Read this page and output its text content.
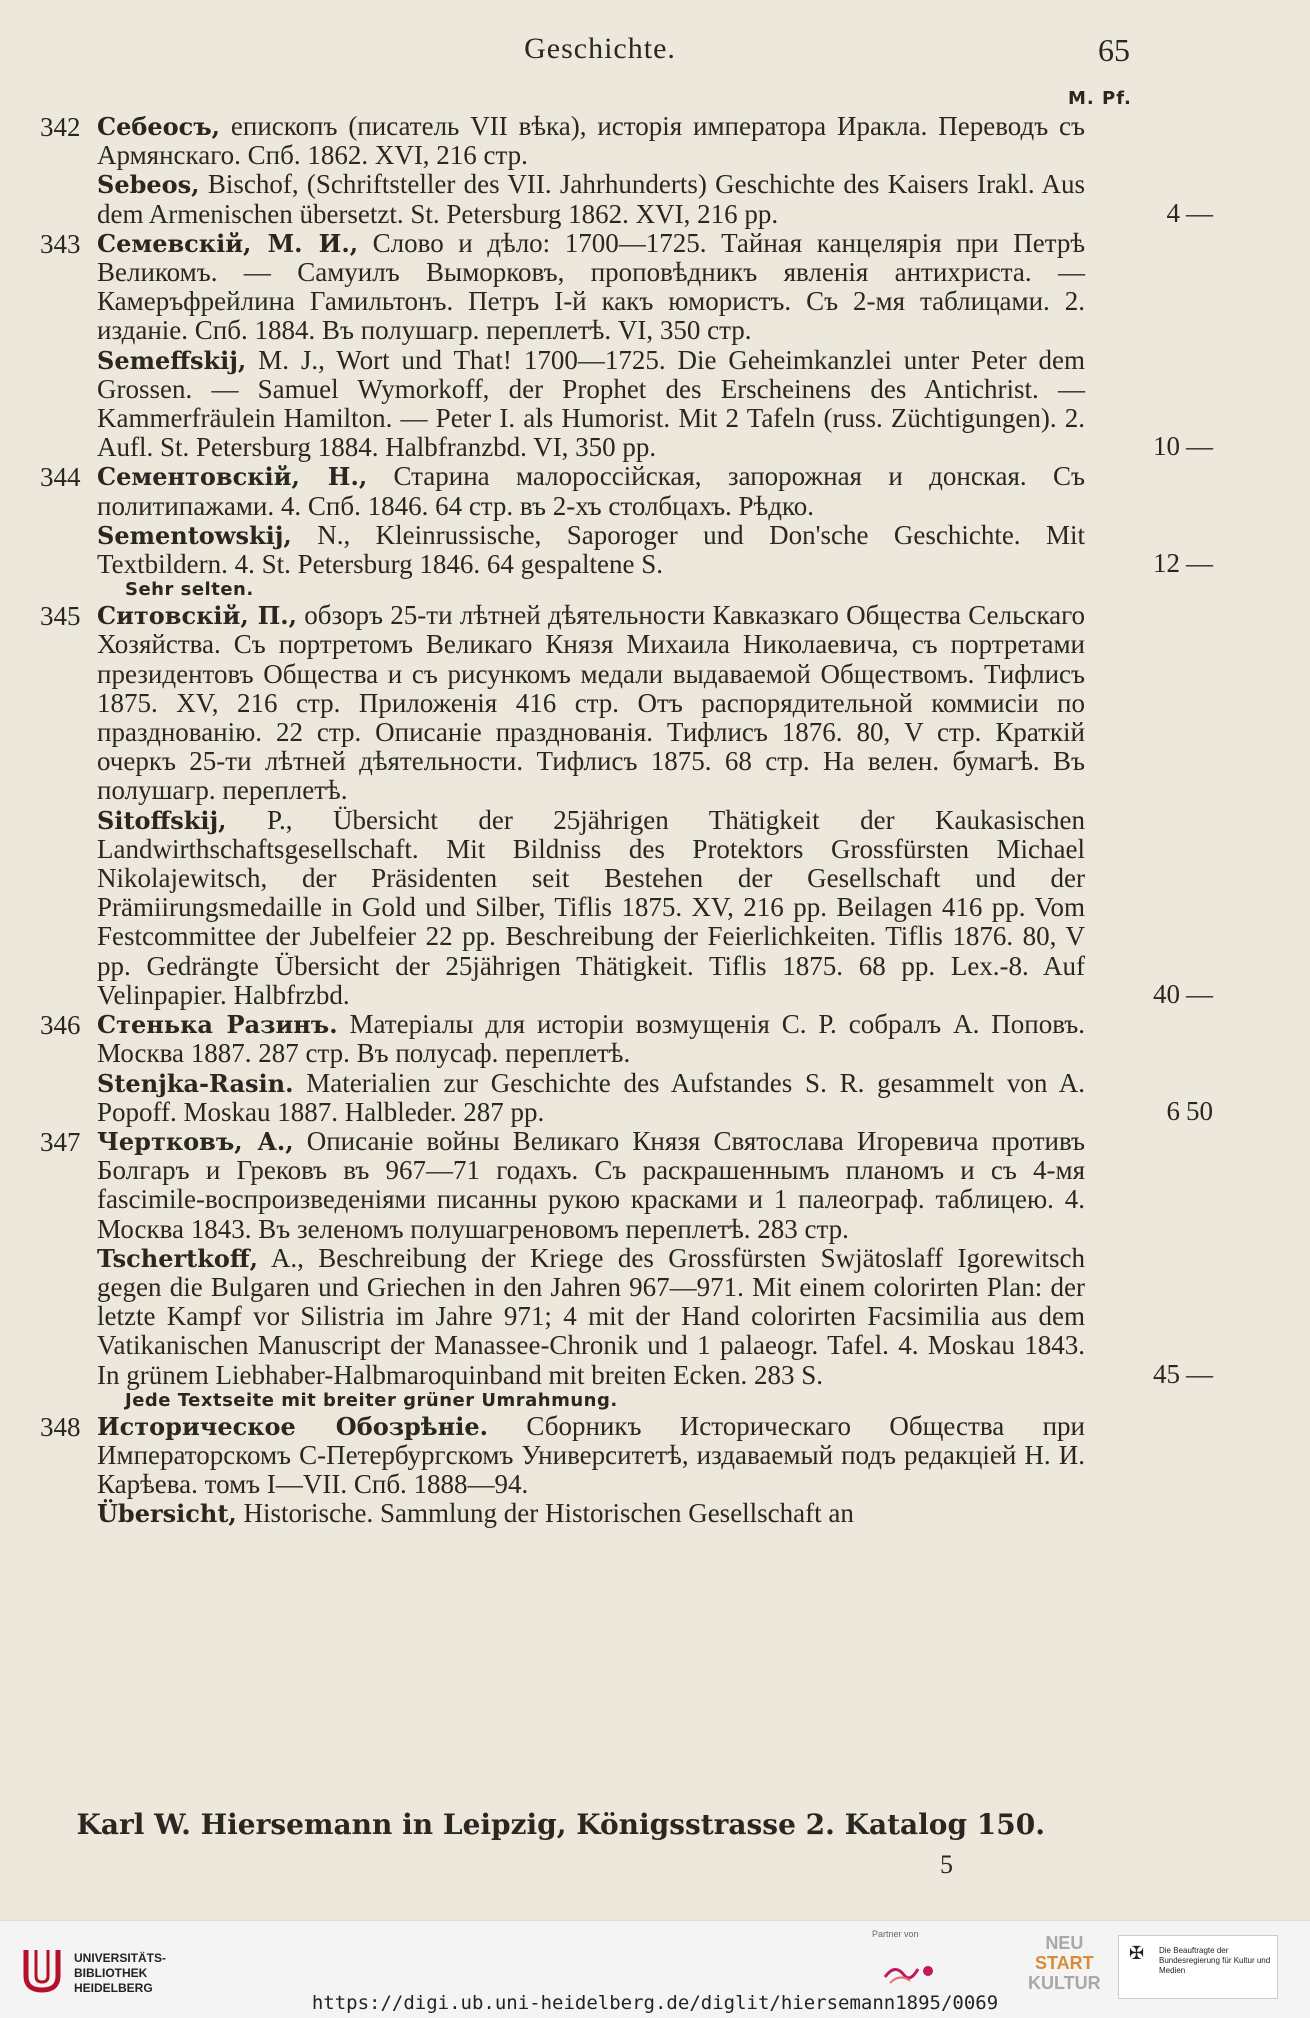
Geschichte.	65
M. Pf.
342 Себеосъ, епископъ (писатель VII вѣка), исторія императора Иракла. Переводъ съ Армянскаго. Спб. 1862. XVI, 216 стр.
Sebeos, Bischof, (Schriftsteller des VII. Jahrhunderts) Geschichte des Kaisers Irakl. Aus dem Armenischen übersetzt. St. Petersburg 1862. XVI, 216 pp.	4 —
343 Семевскій, М. И., Слово и дѣло: 1700—1725. Тайная канцелярія при Петрѣ Великомъ. — Самуилъ Выморковъ, проповѣдникъ явленія антихриста. — Камеръфрейлина Гамильтонъ. Петръ І-й какъ юмористъ. Съ 2-мя таблицами. 2. изданіе. Спб. 1884. Въ полушагр. переплетѣ. VI, 350 стр.
Semeffskij, M. J., Wort und That! 1700—1725. Die Geheimkanzlei unter Peter dem Grossen. — Samuel Wymorkoff, der Prophet des Erscheinens des Antichrist. — Kammerfräulein Hamilton. — Peter I. als Humorist. Mit 2 Tafeln (russ. Züchtigungen). 2. Aufl. St. Petersburg 1884. Halbfranzbd. VI, 350 pp.	10 —
344 Сементовскій, Н., Старина малороссійская, запорожная и донская. Съ политипажами. 4. Спб. 1846. 64 стр. въ 2-хъ столбцахъ. Рѣдко.
Sementowskij, N., Kleinrussische, Saporoger und Don'sche Geschichte. Mit Textbildern. 4. St. Petersburg 1846. 64 gespaltene S.	12 —
Sehr selten.
345 Ситовскій, П., обзоръ 25-ти лѣтней дѣятельности Кавказкаго Общества Сельскаго Хозяйства. Съ портретомъ Великаго Князя Михаила Николаевича, съ портретами президентовъ Общества и съ рисункомъ медали выдаваемой Обществомъ. Тифлисъ 1875. XV, 216 стр. Приложенія 416 стр. Отъ распорядительной коммисіи по празднованію. 22 стр. Описаніе празднованія. Тифлисъ 1876. 80, V стр. Краткій очеркъ 25-ти лѣтней дѣятельности. Тифлисъ 1875. 68 стр. На велен. бумагѣ. Въ полушагр. переплетѣ.
Sitoffskij, P., Übersicht der 25jährigen Thätigkeit der Kaukasischen Landwirthschaftsgesellschaft. Mit Bildniss des Protektors Grossfürsten Michael Nikolajewitsch, der Präsidenten seit Bestehen der Gesellschaft und der Prämiirungsmedaille in Gold und Silber, Tiflis 1875. XV, 216 pp. Beilagen 416 pp. Vom Festcommittee der Jubelfeier 22 pp. Beschreibung der Feierlichkeiten. Tiflis 1876. 80, V pp. Gedrängte Übersicht der 25jährigen Thätigkeit. Tiflis 1875. 68 pp. Lex.-8. Auf Velinpapier. Halbfrzbd.	40 —
346 Стенька Разинъ. Матеріалы для исторіи возмущенія С. Р. собралъ А. Поповъ. Москва 1887. 287 стр. Въ полусаф. переплетѣ.
Stenjka-Rasin. Materialien zur Geschichte des Aufstandes S. R. gesammelt von A. Popoff. Moskau 1887. Halbleder. 287 pp.	6 50
347 Чертковъ, А., Описаніе войны Великаго Князя Святослава Игоревича противъ Болгаръ и Грековъ въ 967—71 годахъ. Съ раскрашеннымъ планомъ и съ 4-мя fascimile-воспроизведеніями писанны рукою красками и 1 палеограф. таблицею. 4. Москва 1843. Въ зеленомъ полушагреновомъ переплетѣ. 283 стр.
Tschertkoff, A., Beschreibung der Kriege des Grossfürsten Swjätoslaff Igorewitsch gegen die Bulgaren und Griechen in den Jahren 967—971. Mit einem colorirten Plan: der letzte Kampf vor Silistria im Jahre 971; 4 mit der Hand colorirten Facsimilia aus dem Vatikanischen Manuscript der Manassee-Chronik und 1 palaeogr. Tafel. 4. Moskau 1843. In grünem Liebhaber-Halbmaroquinband mit breiten Ecken. 283 S.	45 —
Jede Textseite mit breiter grüner Umrahmung.
348 Историческое Обозрѣніе. Сборникъ Историческаго Общества при Императорскомъ С-Петербургскомъ Университетѣ, издаваемый подъ редакціей Н. И. Карѣева. томъ I—VII. Спб. 1888—94.
Übersicht, Historische. Sammlung der Historischen Gesellschaft an
Karl W. Hiersemann in Leipzig, Königsstrasse 2. Katalog 150.
5
UNIVERSITÄTS-
BIBLIOTHEK
HEIDELBERG
Partner von	NEU
START
KULTUR
✠ Die Beauftragte der Bundesregierung für Kultur und Medien
https://digi.ub.uni-heidelberg.de/diglit/hiersemann1895/0069
